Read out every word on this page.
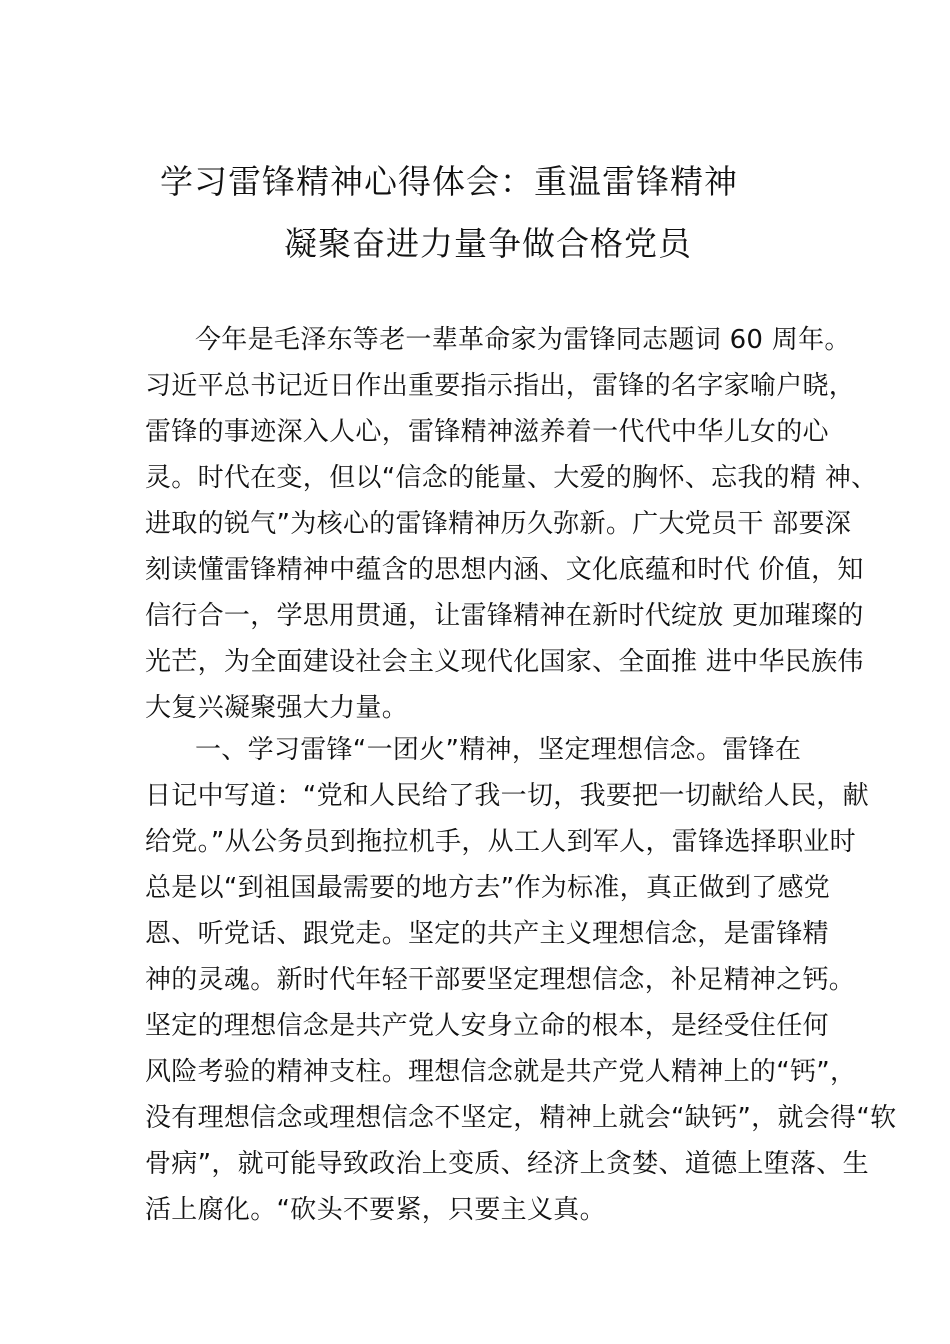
学习雷锋精神心得体会：重温雷锋精神
凝聚奋进力量争做合格党员
今年是毛泽东等老一辈革命家为雷锋同志题词 60 周年。
习近平总书记近日作出重要指示指出，雷锋的名字家喻户晓，
雷锋的事迹深入人心，雷锋精神滋养着一代代中华儿女的心
灵。时代在变，但以“信念的能量、大爱的胸怀、忘我的精 神、
进取的锐气”为核心的雷锋精神历久弥新。广大党员干 部要深
刻读懂雷锋精神中蕴含的思想内涵、文化底蕴和时代 价值，知
信行合一，学思用贯通，让雷锋精神在新时代绽放 更加璀璨的
光芒，为全面建设社会主义现代化国家、全面推 进中华民族伟
大复兴凝聚强大力量。
一、学习雷锋“一团火”精神，坚定理想信念。雷锋在
日记中写道：“党和人民给了我一切，我要把一切献给人民，献
给党。”从公务员到拖拉机手，从工人到军人，雷锋选择职业时
总是以“到祖国最需要的地方去”作为标准，真正做到了感党
恩、听党话、跟党走。坚定的共产主义理想信念，是雷锋精
神的灵魂。新时代年轻干部要坚定理想信念，补足精神之钙。
坚定的理想信念是共产党人安身立命的根本，是经受住任何
风险考验的精神支柱。理想信念就是共产党人精神上的“钙”，
没有理想信念或理想信念不坚定，精神上就会“缺钙”，就会得“软
骨病”，就可能导致政治上变质、经济上贪婪、道德上堕落、生
活上腐化。“砍头不要紧，只要主义真。
